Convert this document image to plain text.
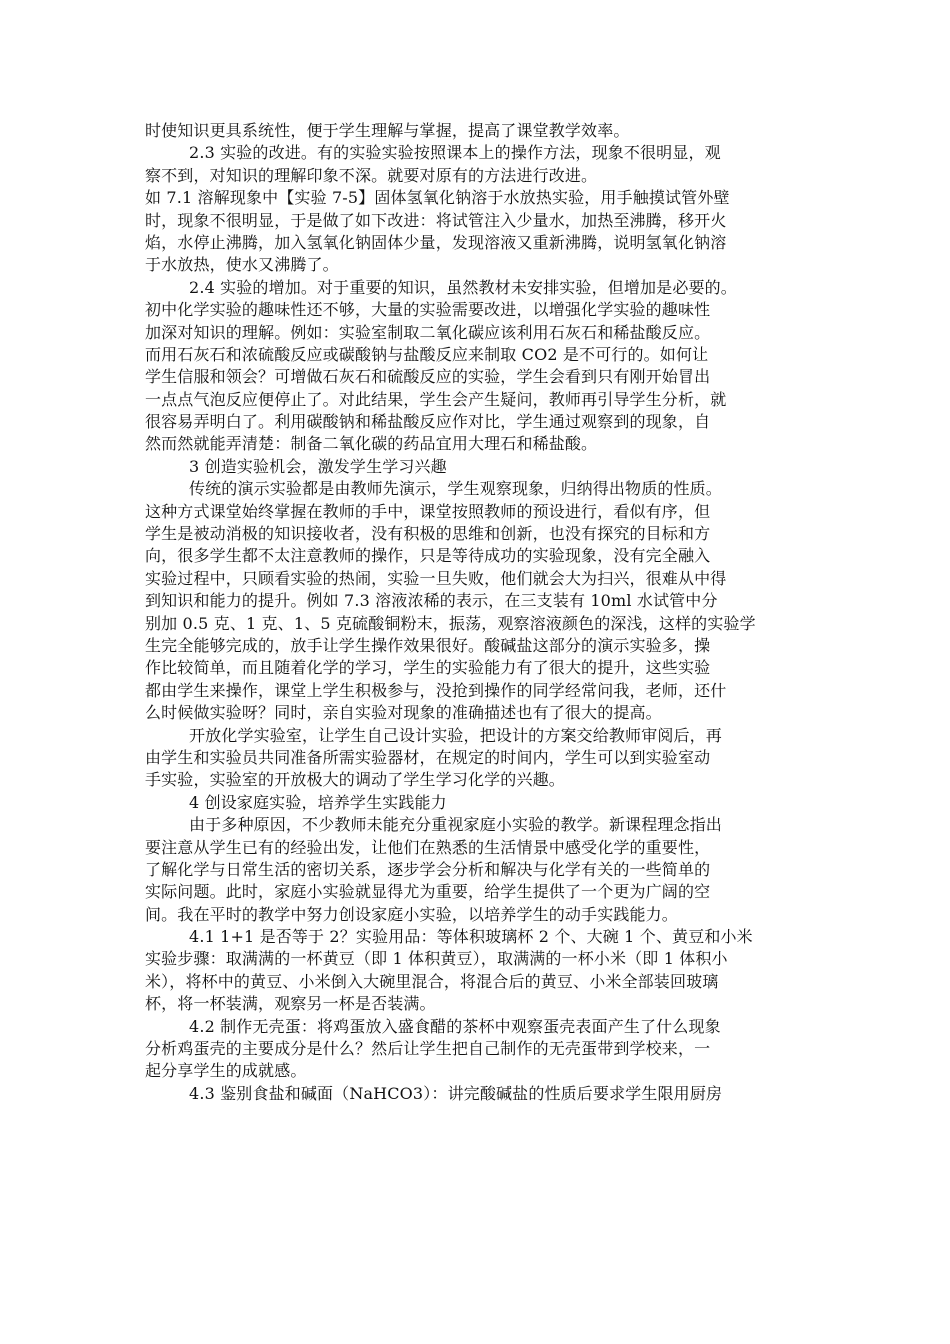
时使知识更具系统性，便于学生理解与掌握，提高了课堂教学效率。
2.3 实验的改进。有的实验实验按照课本上的操作方法，现象不很明显，观
察不到，对知识的理解印象不深。就要对原有的方法进行改进。
如 7.1 溶解现象中【实验 7-5】固体氢氧化钠溶于水放热实验，用手触摸试管外壁
时，现象不很明显，于是做了如下改进：将试管注入少量水，加热至沸腾，移开火
焰，水停止沸腾，加入氢氧化钠固体少量，发现溶液又重新沸腾，说明氢氧化钠溶
于水放热，使水又沸腾了。
2.4 实验的增加。对于重要的知识，虽然教材未安排实验，但增加是必要的。
初中化学实验的趣味性还不够，大量的实验需要改进，以增强化学实验的趣味性
加深对知识的理解。例如：实验室制取二氧化碳应该利用石灰石和稀盐酸反应。
而用石灰石和浓硫酸反应或碳酸钠与盐酸反应来制取 CO2 是不可行的。如何让
学生信服和领会？可增做石灰石和硫酸反应的实验，学生会看到只有刚开始冒出
一点点气泡反应便停止了。对此结果，学生会产生疑问，教师再引导学生分析，就
很容易弄明白了。利用碳酸钠和稀盐酸反应作对比，学生通过观察到的现象，自
然而然就能弄清楚：制备二氧化碳的药品宜用大理石和稀盐酸。
3 创造实验机会，激发学生学习兴趣
传统的演示实验都是由教师先演示，学生观察现象，归纳得出物质的性质。
这种方式课堂始终掌握在教师的手中，课堂按照教师的预设进行，看似有序，但
学生是被动消极的知识接收者，没有积极的思维和创新，也没有探究的目标和方
向，很多学生都不太注意教师的操作，只是等待成功的实验现象，没有完全融入
实验过程中，只顾看实验的热闹，实验一旦失败，他们就会大为扫兴，很难从中得
到知识和能力的提升。例如 7.3 溶液浓稀的表示，在三支装有 10ml 水试管中分
别加 0.5 克、1 克、1、5 克硫酸铜粉末，振荡，观察溶液颜色的深浅，这样的实验学
生完全能够完成的，放手让学生操作效果很好。酸碱盐这部分的演示实验多，操
作比较简单，而且随着化学的学习，学生的实验能力有了很大的提升，这些实验
都由学生来操作，课堂上学生积极参与，没抢到操作的同学经常问我，老师，还什
么时候做实验呀？同时，亲自实验对现象的准确描述也有了很大的提高。
开放化学实验室，让学生自己设计实验，把设计的方案交给教师审阅后，再
由学生和实验员共同准备所需实验器材，在规定的时间内，学生可以到实验室动
手实验，实验室的开放极大的调动了学生学习化学的兴趣。
4 创设家庭实验，培养学生实践能力
由于多种原因，不少教师未能充分重视家庭小实验的教学。新课程理念指出
要注意从学生已有的经验出发，让他们在熟悉的生活情景中感受化学的重要性，
了解化学与日常生活的密切关系，逐步学会分析和解决与化学有关的一些简单的
实际问题。此时，家庭小实验就显得尤为重要，给学生提供了一个更为广阔的空
间。我在平时的教学中努力创设家庭小实验，以培养学生的动手实践能力。
4.1 1+1 是否等于 2？实验用品：等体积玻璃杯 2 个、大碗 1 个、黄豆和小米
实验步骤：取满满的一杯黄豆（即 1 体积黄豆），取满满的一杯小米（即 1 体积小
米），将杯中的黄豆、小米倒入大碗里混合，将混合后的黄豆、小米全部装回玻璃
杯，将一杯装满，观察另一杯是否装满。
4.2 制作无壳蛋：将鸡蛋放入盛食醋的茶杯中观察蛋壳表面产生了什么现象
分析鸡蛋壳的主要成分是什么？然后让学生把自己制作的无壳蛋带到学校来，一
起分享学生的成就感。
4.3 鉴别食盐和碱面（NaHCO3）：讲完酸碱盐的性质后要求学生限用厨房
